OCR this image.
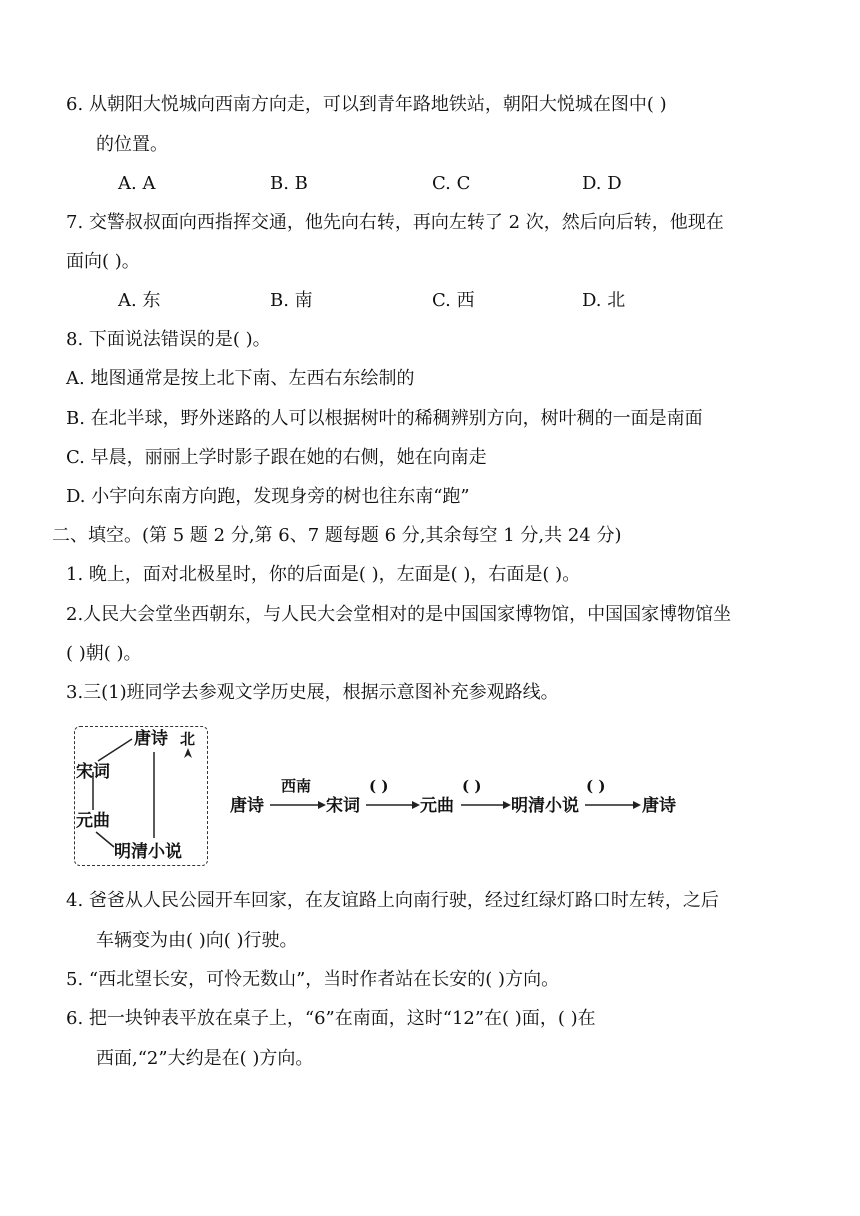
6. 从朝阳大悦城向西南方向走，可以到青年路地铁站，朝阳大悦城在图中( )
的位置。
A. A	B. B	C. C	D. D
7. 交警叔叔面向西指挥交通，他先向右转，再向左转了 2 次，然后向后转，他现在
面向( )。
A. 东	B. 南	C. 西	D. 北
8. 下面说法错误的是( )。
A. 地图通常是按上北下南、左西右东绘制的
B. 在北半球，野外迷路的人可以根据树叶的稀稠辨别方向，树叶稠的一面是南面
C. 早晨，丽丽上学时影子跟在她的右侧，她在向南走
D. 小宇向东南方向跑，发现身旁的树也往东南“跑”
二、填空。(第 5 题 2 分,第 6、7 题每题 6 分,其余每空 1 分,共 24 分)
1. 晚上，面对北极星时，你的后面是( )，左面是( )，右面是( )。
2.人民大会堂坐西朝东，与人民大会堂相对的是中国国家博物馆，中国国家博物馆坐
( )朝( )。
3.三(1)班同学去参观文学历史展，根据示意图补充参观路线。
唐诗 北
宋词
元曲
明清小说
唐诗
西南
宋词
( )
元曲
( )
明清小说
( )
唐诗
4. 爸爸从人民公园开车回家，在友谊路上向南行驶，经过红绿灯路口时左转，之后
车辆变为由( )向( )行驶。
5. “西北望长安，可怜无数山”，当时作者站在长安的( )方向。
6. 把一块钟表平放在桌子上，“6”在南面，这时“12”在( )面，( )在
西面,“2”大约是在( )方向。
